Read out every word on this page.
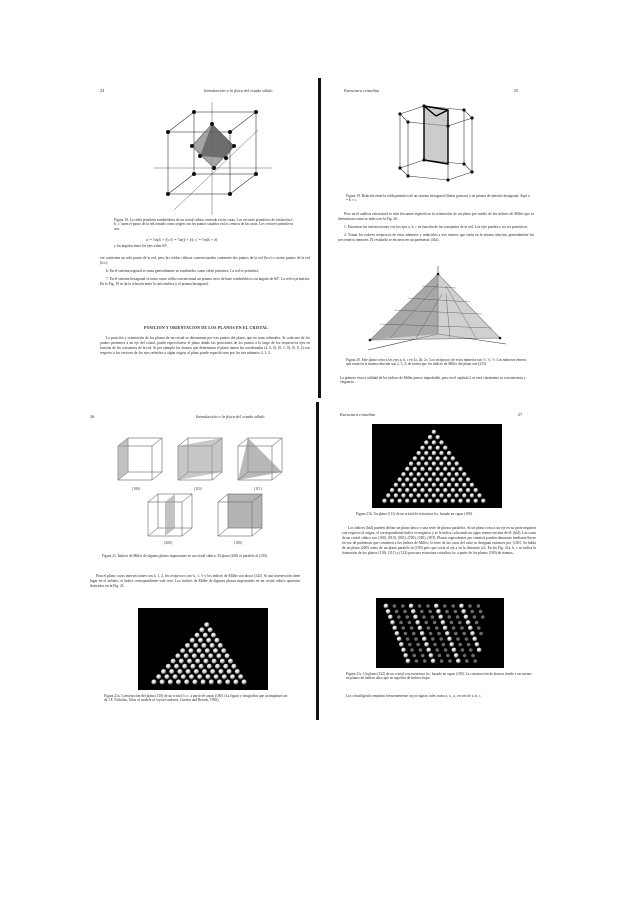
24	Introducción a la física del estado sólido
Figura 18. La celda primitiva romboédrica de un cristal cúbico centrado en las caras. Los vectores primitivos de traslación a', b', c' unen el punto de la red tomado como origen con los puntos situados en los centros de las caras. Los vectores primitivos son:
a' = ½a(x̂ + ŷ); b' = ½a(ŷ + ẑ); c' = ½a(x̂ + ẑ)
y los ángulos entre los ejes valen 60°.

ver contienen un solo punto de la red, pero las celdas cúbicas convencionales contienen dos puntos de la red (bcc) o cuatro puntos de la red (fcc).

6. En el sistema trigonal se toma generalmente su romboedro como celda primitiva. La red es primitiva.

7. En el sistema hexagonal se toma como celda convencional un prisma recto de base romboédrica con ángulo de 60°. La red es primitiva. En la Fig. 19 se da la relación entre la red rómbica y el prisma hexagonal.

POSICION Y ORIENTACION DE LOS PLANOS EN EL CRISTAL
La posición y orientación de los planos de un cristal se determinan por tres puntos del plano, que no sean colineales. Si cada uno de los puntos pertenece a un eje del cristal, puede especificarse el plano dando las posiciones de los puntos a lo largo de los respectivos ejes en función de las constantes de la red. Si por ejemplo los átomos que determinan el plano tienen las coordenadas (4, 0, 0), (0, 1, 0), (0, 0, 2) con respecto a los vectores de los ejes referidos a algún origen, el plano puede especificarse por los tres números 4, 1, 2.
Estructura cristalina	25
Figura 19. Relación entre la celda primitiva de un sistema hexagonal (líneas gruesas) y un prisma de simetría hexagonal. Aquí a = b ≠ c.

Pero en el análisis estructural es más frecuente especificar la orientación de un plano por medio de los índices de Miller que se determinan como se indica en la Fig. 20.

1. Encontrar las intersecciones con los ejes a, b, c en función de las constantes de la red. Los ejes pueden o no ser primitivos.

2. Tomar los valores recíprocos de estos números y reducirlos a tres enteros que estén en la misma relación, generalmente los tres enteros menores. El resultado se encierra en un paréntesis: (hkl).

Figura 20. Este plano corta a los ejes a, b, c en 3a, 2b, 2c. Los recíprocos de estos números son ⅓, ½, ½. Los números enteros que están en la misma relación son 2, 3, 3; de forma que los índices de Miller del plano son (233).
La primera vista a utilidad de los índices de Miller parece improbable, pero en el capítulo 2 se verá claramente su conveniencia y elegancia.
26	Introducción a la física del estado sólido
(100)	(110)	(111)
(200)	(100)
Figura 21. Índices de Miller de algunos planos importantes en un cristal cúbico. El plano (200) es paralelo al (100).
Para el plano cuyas intersecciones son 4, 1, 2, los recíprocos son ¼, 1, ½ y los índices de Miller son ahora (142). Si una intersección tiene lugar en el infinito, el índice correspondiente vale cero. Los índices de Miller de algunos planos importantes en un cristal cúbico aparecen ilustrados en la Fig. 21.
Figura 21a. Construcción del plano (110) de un cristal f.c.c. a partir de capas (100). (La figura y fotografías que acompañan son de J.F. Nicholas, Atlas of models of crystal surfaces, Gordon and Breach, 1965).
Estructura cristalina	27
Figura 21b. Un plano (111) de un cristal de estructura fcc, basado en capas (100).
Los índices (hkl) pueden definir un plano único o una serie de planos paralelos. Si un plano corta a un eje en su parte negativa con respecto al origen, el correspondiente índice es negativo y se le indica colocando un signo menos encima de él: (hk̄l). Las caras de un cristal cúbico son (100), (010), (001), (1̄00), (01̄0), (001̄). Planos equivalentes por simetría pueden denotarse mediante llaves en vez de paréntesis que contienen a los índices de Miller; la serie de las caras del cubo se designan entonces por {100}. Se habla de un plano (200) como de un plano paralelo al (100) pero que corta al eje a en la distancia a/2. En las Fig. 21a, b, c se indica la formación de los planos (110), (111) y (122) para una estructura cristalina fcc a partir de los planos (100) de átomos.
Figura 21c. Un plano (122) de un cristal con estructura fcc, basado en capas (100). La construcción de átomos tiende a ser menos en planos de índices altos que en aquellos de índices bajos.
Los cristalógrafos emplean frecuentemente cuyos signos; tales como a, a₁, a₂ en vez de a, b, c.
